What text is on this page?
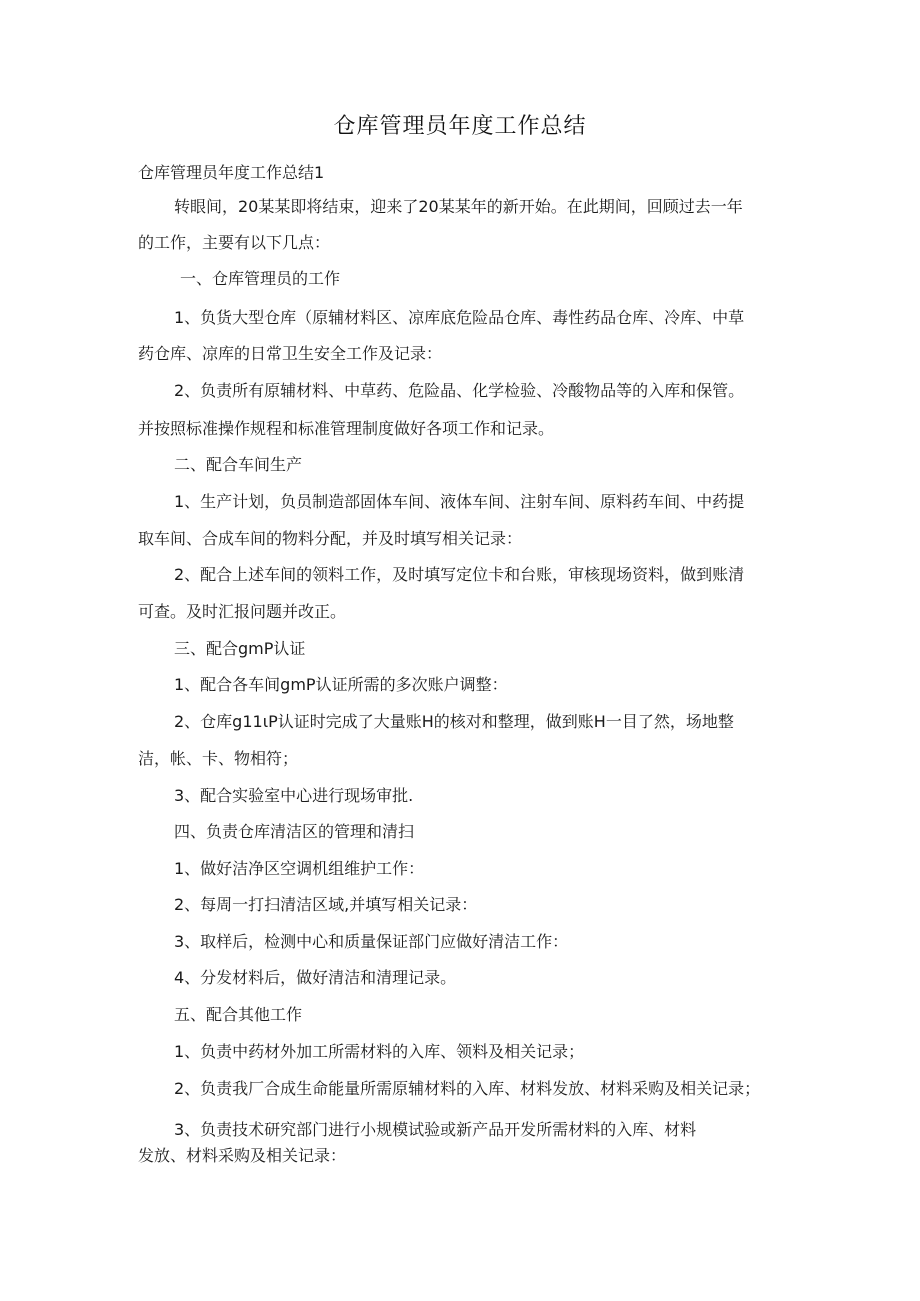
仓库管理员年度工作总结
仓库管理员年度工作总结1
转眼间，20某某即将结束，迎来了20某某年的新开始。在此期间，回顾过去一年
的工作，主要有以下几点：
一、仓库管理员的工作
1、负货大型仓库（原辅材料区、凉库底危险品仓库、毒性药品仓库、冷库、中草
药仓库、凉库的日常卫生安全工作及记录：
2、负责所有原辅材料、中草药、危险晶、化学检验、冷酸物品等的入库和保管。
并按照标准操作规程和标准管理制度做好各项工作和记录。
二、配合车间生产
1、生产计划，负员制造部固体车间、液体车间、注射车间、原料药车间、中药提
取车间、合成车间的物料分配，并及时填写相关记录：
2、配合上述车间的领料工作，及时填写定位卡和台账，审核现场资料，做到账清
可查。及时汇报问题并改正。
三、配合gmP认证
1、配合各车间gmP认证所需的多次账户调整：
2、仓库g11ιP认证时完成了大量账H的核对和整理，做到账H一目了然，场地整
洁，帐、卡、物相符；
3、配合实验室中心进行现场审批.
四、负责仓库清洁区的管理和清扫
1、做好洁净区空调机组维护工作：
2、每周一打扫清洁区域,并填写相关记录：
3、取样后，检测中心和质量保证部门应做好清洁工作：
4、分发材料后，做好清洁和清理记录。
五、配合其他工作
1、负责中药材外加工所需材料的入库、领料及相关记录；
2、负责我厂合成生命能量所需原辅材料的入库、材料发放、材料采购及相关记录；
3、负责技术研究部门进行小规模试验或新产品开发所需材料的入库、材料
发放、材料采购及相关记录：
